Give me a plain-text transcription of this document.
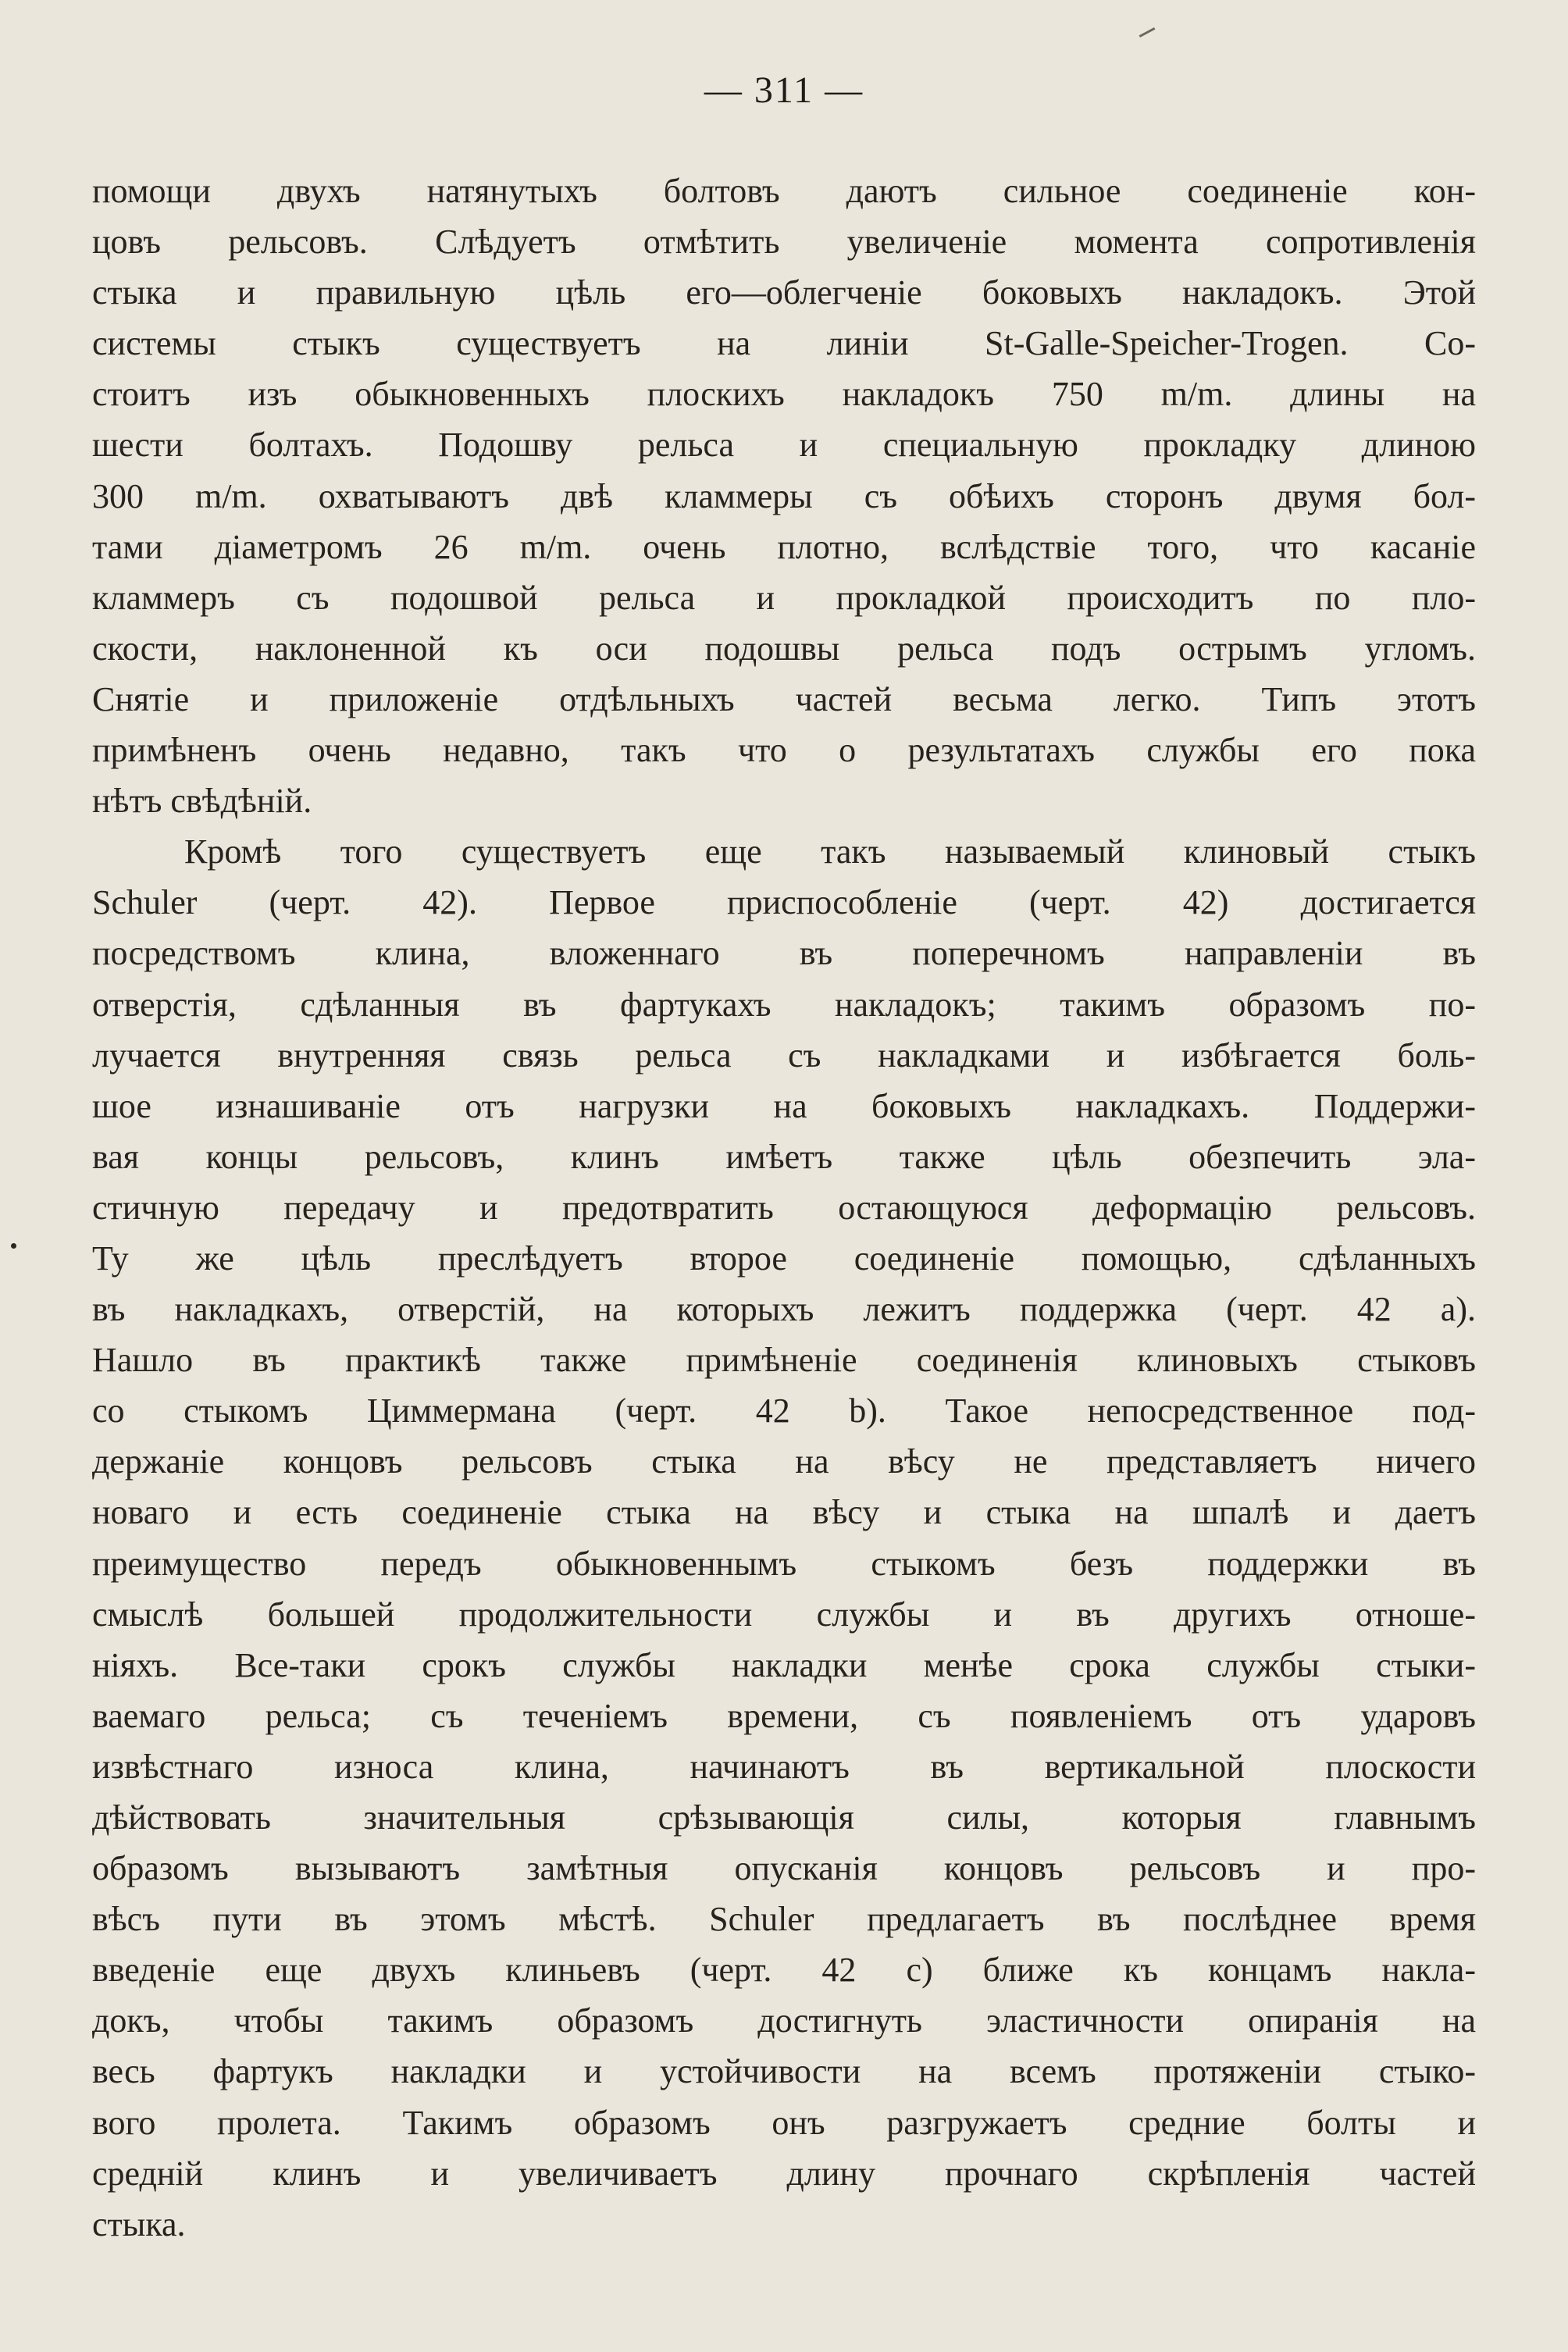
— 311 —
помощи двухъ натянутыхъ болтовъ даютъ сильное соединенiе кон-
цовъ рельсовъ. Слѣдуетъ отмѣтить увеличенiе момента сопротивленiя
стыка и правильную цѣль его—облегченiе боковыхъ накладокъ. Этой
системы стыкъ существуетъ на линiи St-Galle-Speicher-Trogen. Со-
стоитъ изъ обыкновенныхъ плоскихъ накладокъ 750 m/m. длины на
шести болтахъ. Подошву рельса и специальную прокладку длиною
300 m/m. охватываютъ двѣ кламмеры съ обѣихъ сторонъ двумя бол-
тами дiаметромъ 26 m/m. очень плотно, вслѣдствiе того, что касанiе
кламмеръ съ подошвой рельса и прокладкой происходитъ по пло-
скости, наклоненной къ оси подошвы рельса подъ острымъ угломъ.
Снятiе и приложенiе отдѣльныхъ частей весьма легко. Типъ этотъ
примѣненъ очень недавно, такъ что о результатахъ службы его пока
нѣтъ свѣдѣнiй.
Кромѣ того существуетъ еще такъ называемый клиновый стыкъ
Schuler (черт. 42). Первое приспособленiе (черт. 42) достигается
посредствомъ клина, вложеннаго въ поперечномъ направленiи въ
отверстiя, сдѣланныя въ фартукахъ накладокъ; такимъ образомъ по-
лучается внутренняя связь рельса съ накладками и избѣгается боль-
шое изнашиванiе отъ нагрузки на боковыхъ накладкахъ. Поддержи-
вая концы рельсовъ, клинъ имѣетъ также цѣль обезпечить эла-
стичную передачу и предотвратить остающуюся деформацiю рельсовъ.
Ту же цѣль преслѣдуетъ второе соединенiе помощью, сдѣланныхъ
въ накладкахъ, отверстiй, на которыхъ лежитъ поддержка (черт. 42 a).
Нашло въ практикѣ также примѣненiе соединенiя клиновыхъ стыковъ
со стыкомъ Циммермана (черт. 42 b). Такое непосредственное под-
держанiе концовъ рельсовъ стыка на вѣсу не представляетъ ничего
новаго и есть соединенiе стыка на вѣсу и стыка на шпалѣ и даетъ
преимущество передъ обыкновеннымъ стыкомъ безъ поддержки въ
смыслѣ большей продолжительности службы и въ другихъ отноше-
нiяхъ. Все-таки срокъ службы накладки менѣе срока службы стыки-
ваемаго рельса; съ теченiемъ времени, съ появленiемъ отъ ударовъ
извѣстнаго износа клина, начинаютъ въ вертикальной плоскости
дѣйствовать значительныя срѣзывающiя силы, которыя главнымъ
образомъ вызываютъ замѣтныя опусканiя концовъ рельсовъ и про-
вѣсъ пути въ этомъ мѣстѣ. Schuler предлагаетъ въ послѣднее время
введенiе еще двухъ клиньевъ (черт. 42 c) ближе къ концамъ накла-
докъ, чтобы такимъ образомъ достигнуть эластичности опиранiя на
весь фартукъ накладки и устойчивости на всемъ протяженiи стыко-
вого пролета. Такимъ образомъ онъ разгружаетъ средние болты и
среднiй клинъ и увеличиваетъ длину прочнаго скрѣпленiя частей
стыка.
